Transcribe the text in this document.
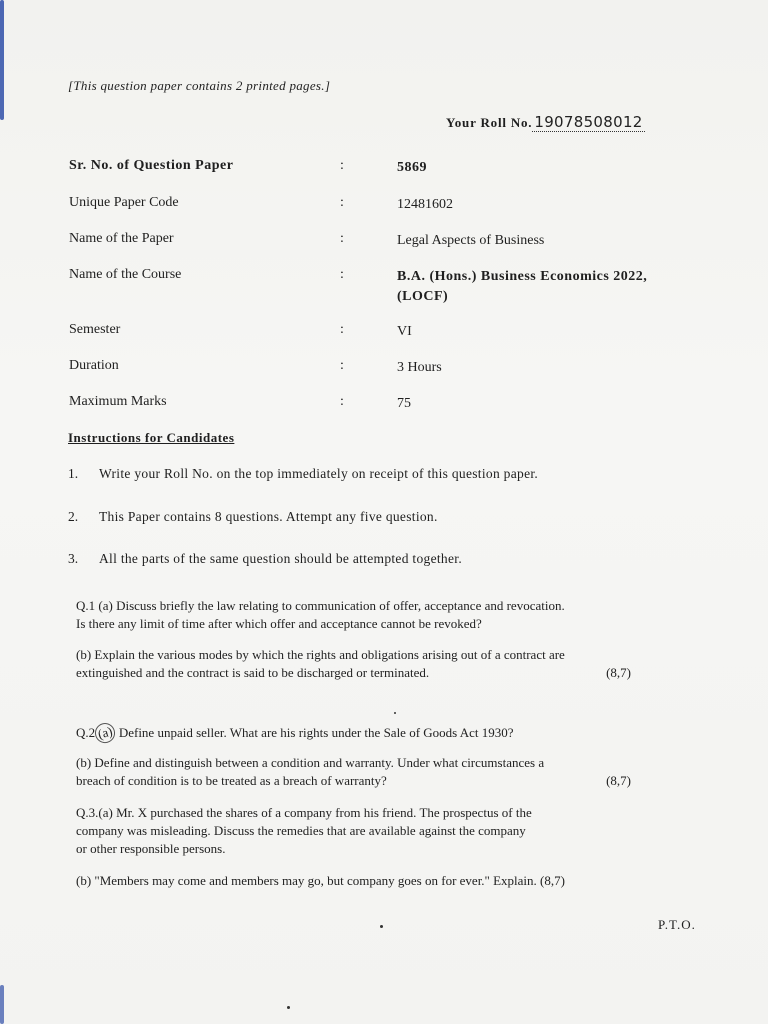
[This question paper contains 2 printed pages.]
Your Roll No. 19078508012
Sr. No. of Question Paper	:	5869
Unique Paper Code	:	12481602
Name of the Paper	:	Legal Aspects of Business
Name of the Course	:	B.A. (Hons.) Business Economics 2022,
(LOCF)
Semester	:	VI
Duration	:	3 Hours
Maximum Marks	:	75
Instructions for Candidates
1. Write your Roll No. on the top immediately on receipt of this question paper.
2. This Paper contains 8 questions. Attempt any five question.
3. All the parts of the same question should be attempted together.
Q.1 (a) Discuss briefly the law relating to communication of offer, acceptance and revocation.
Is there any limit of time after which offer and acceptance cannot be revoked?
(b) Explain the various modes by which the rights and obligations arising out of a contract are
extinguished and the contract is said to be discharged or terminated.	(8,7)
Q.2(a) Define unpaid seller. What are his rights under the Sale of Goods Act 1930?
(b) Define and distinguish between a condition and warranty. Under what circumstances a
breach of condition is to be treated as a breach of warranty?	(8,7)
Q.3.(a) Mr. X purchased the shares of a company from his friend. The prospectus of the
company was misleading. Discuss the remedies that are available against the company
or other responsible persons.
(b) "Members may come and members may go, but company goes on for ever." Explain. (8,7)
P.T.O.
